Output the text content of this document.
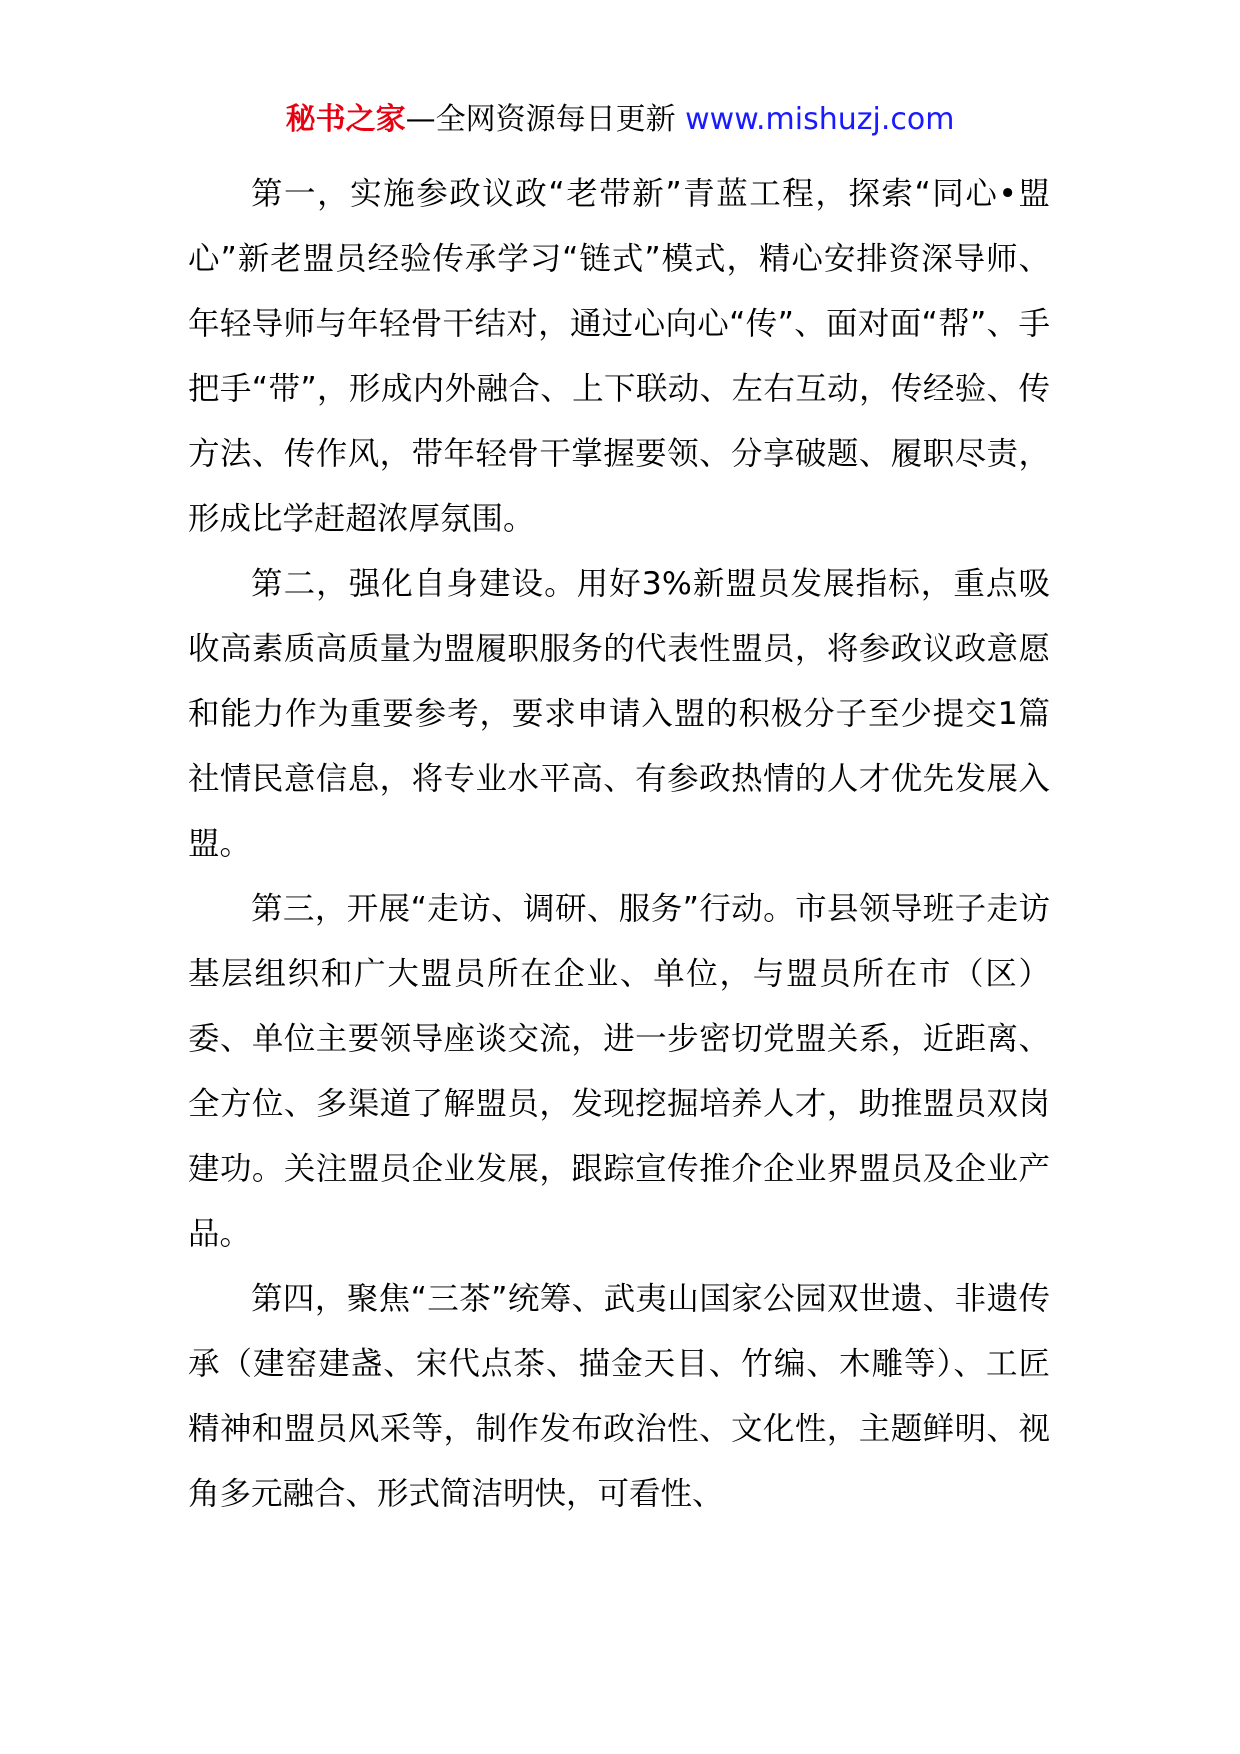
秘书之家—全网资源每日更新 www.mishuzj.com

第一，实施参政议政“老带新”青蓝工程，探索“同心•盟心”新老盟员经验传承学习“链式”模式，精心安排资深导师、年轻导师与年轻骨干结对，通过心向心“传”、面对面“帮”、手把手“带”，形成内外融合、上下联动、左右互动，传经验、传方法、传作风，带年轻骨干掌握要领、分享破题、履职尽责，形成比学赶超浓厚氛围。

第二，强化自身建设。用好3%新盟员发展指标，重点吸收高素质高质量为盟履职服务的代表性盟员，将参政议政意愿和能力作为重要参考，要求申请入盟的积极分子至少提交1篇社情民意信息，将专业水平高、有参政热情的人才优先发展入盟。

第三，开展“走访、调研、服务”行动。市县领导班子走访基层组织和广大盟员所在企业、单位，与盟员所在市（区）委、单位主要领导座谈交流，进一步密切党盟关系，近距离、全方位、多渠道了解盟员，发现挖掘培养人才，助推盟员双岗建功。关注盟员企业发展，跟踪宣传推介企业界盟员及企业产品。

第四，聚焦“三茶”统筹、武夷山国家公园双世遗、非遗传承（建窑建盏、宋代点茶、描金天目、竹编、木雕等）、工匠精神和盟员风采等，制作发布政治性、文化性，主题鲜明、视角多元融合、形式简洁明快，可看性、
